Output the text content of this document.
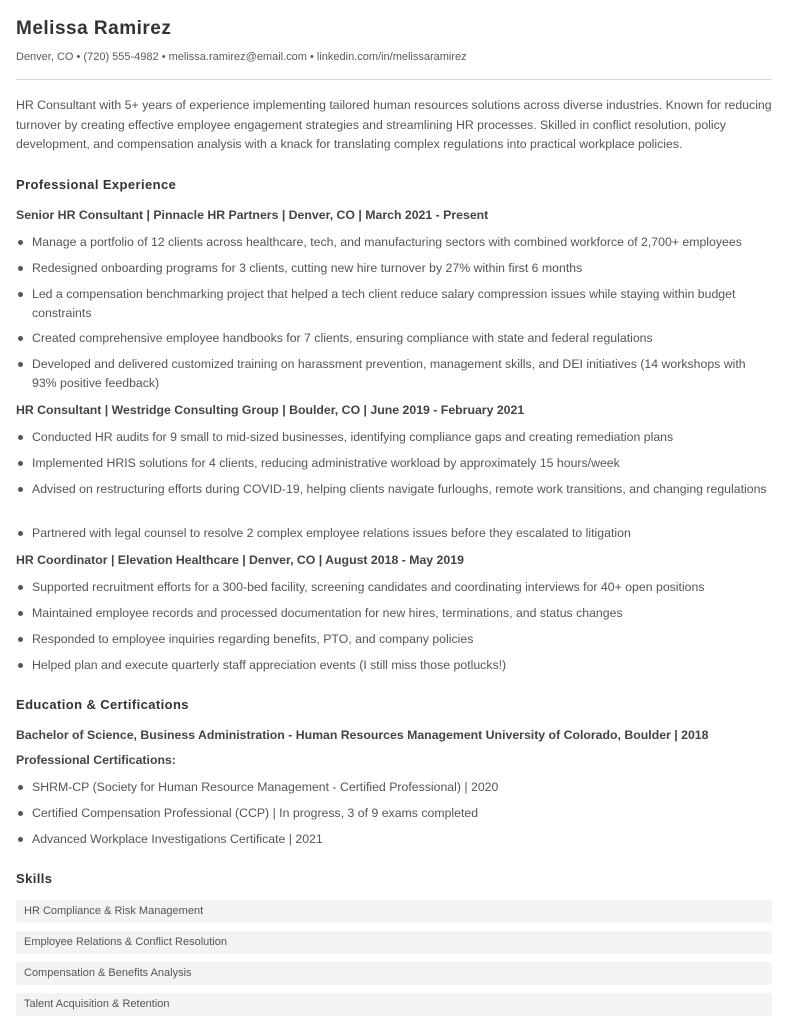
Melissa Ramirez
Denver, CO • (720) 555-4982 • melissa.ramirez@email.com • linkedin.com/in/melissaramirez
HR Consultant with 5+ years of experience implementing tailored human resources solutions across diverse industries. Known for reducing turnover by creating effective employee engagement strategies and streamlining HR processes. Skilled in conflict resolution, policy development, and compensation analysis with a knack for translating complex regulations into practical workplace policies.
Professional Experience
Senior HR Consultant | Pinnacle HR Partners | Denver, CO | March 2021 - Present
Manage a portfolio of 12 clients across healthcare, tech, and manufacturing sectors with combined workforce of 2,700+ employees
Redesigned onboarding programs for 3 clients, cutting new hire turnover by 27% within first 6 months
Led a compensation benchmarking project that helped a tech client reduce salary compression issues while staying within budget constraints
Created comprehensive employee handbooks for 7 clients, ensuring compliance with state and federal regulations
Developed and delivered customized training on harassment prevention, management skills, and DEI initiatives (14 workshops with 93% positive feedback)
HR Consultant | Westridge Consulting Group | Boulder, CO | June 2019 - February 2021
Conducted HR audits for 9 small to mid-sized businesses, identifying compliance gaps and creating remediation plans
Implemented HRIS solutions for 4 clients, reducing administrative workload by approximately 15 hours/week
Advised on restructuring efforts during COVID-19, helping clients navigate furloughs, remote work transitions, and changing regulations
Partnered with legal counsel to resolve 2 complex employee relations issues before they escalated to litigation
HR Coordinator | Elevation Healthcare | Denver, CO | August 2018 - May 2019
Supported recruitment efforts for a 300-bed facility, screening candidates and coordinating interviews for 40+ open positions
Maintained employee records and processed documentation for new hires, terminations, and status changes
Responded to employee inquiries regarding benefits, PTO, and company policies
Helped plan and execute quarterly staff appreciation events (I still miss those potlucks!)
Education & Certifications
Bachelor of Science, Business Administration - Human Resources Management University of Colorado, Boulder | 2018
Professional Certifications:
SHRM-CP (Society for Human Resource Management - Certified Professional) | 2020
Certified Compensation Professional (CCP) | In progress, 3 of 9 exams completed
Advanced Workplace Investigations Certificate | 2021
Skills
HR Compliance & Risk Management
Employee Relations & Conflict Resolution
Compensation & Benefits Analysis
Talent Acquisition & Retention
